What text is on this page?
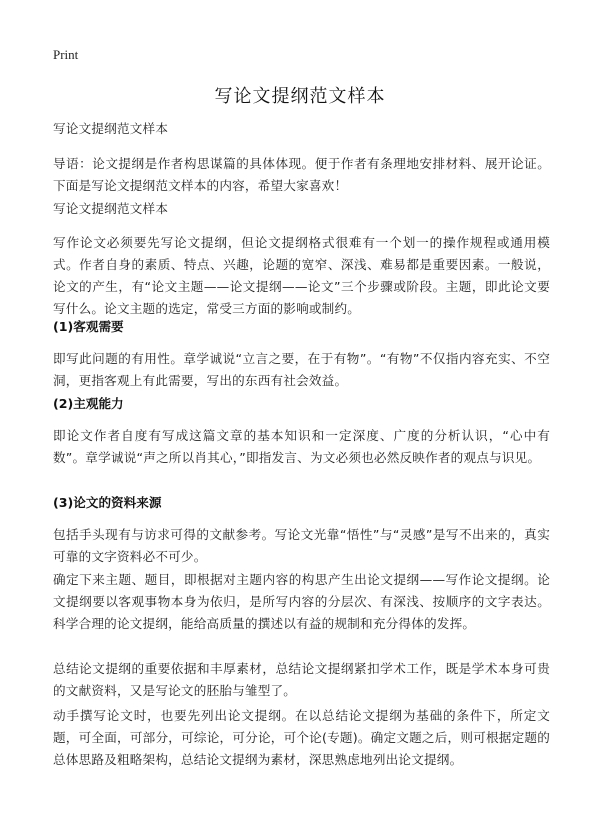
Print
写论文提纲范文样本

写论文提纲范文样本

导语：论文提纲是作者构思谋篇的具体体现。便于作者有条理地安排材料、展开论证。下面是写论文提纲范文样本的内容，希望大家喜欢！

写论文提纲范文样本

写作论文必须要先写论文提纲，但论文提纲格式很难有一个划一的操作规程或通用模式。作者自身的素质、特点、兴趣，论题的宽窄、深浅、难易都是重要因素。一般说，论文的产生，有“论文主题——论文提纲——论文”三个步骤或阶段。主题，即此论文要写什么。论文主题的选定，常受三方面的影响或制约。

(1)客观需要

即写此问题的有用性。章学诚说“立言之要，在于有物”。“有物”不仅指内容充实、不空洞，更指客观上有此需要，写出的东西有社会效益。

(2)主观能力

即论文作者自度有写成这篇文章的基本知识和一定深度、广度的分析认识，“心中有数”。章学诚说“声之所以肖其心，”即指发言、为文必须也必然反映作者的观点与识见。

(3)论文的资料来源

包括手头现有与访求可得的文献参考。写论文光靠“悟性”与“灵感”是写不出来的，真实可靠的文字资料必不可少。

确定下来主题、题目，即根据对主题内容的构思产生出论文提纲——写作论文提纲。论文提纲要以客观事物本身为依归，是所写内容的分层次、有深浅、按顺序的文字表达。科学合理的论文提纲，能给高质量的撰述以有益的规制和充分得体的发挥。

总结论文提纲的重要依据和丰厚素材，总结论文提纲紧扣学术工作，既是学术本身可贵的文献资料，又是写论文的胚胎与雏型了。

动手撰写论文时，也要先列出论文提纲。在以总结论文提纲为基础的条件下，所定文题，可全面，可部分，可综论，可分论，可个论(专题)。确定文题之后，则可根据定题的总体思路及粗略架构，总结论文提纲为素材，深思熟虑地列出论文提纲。
